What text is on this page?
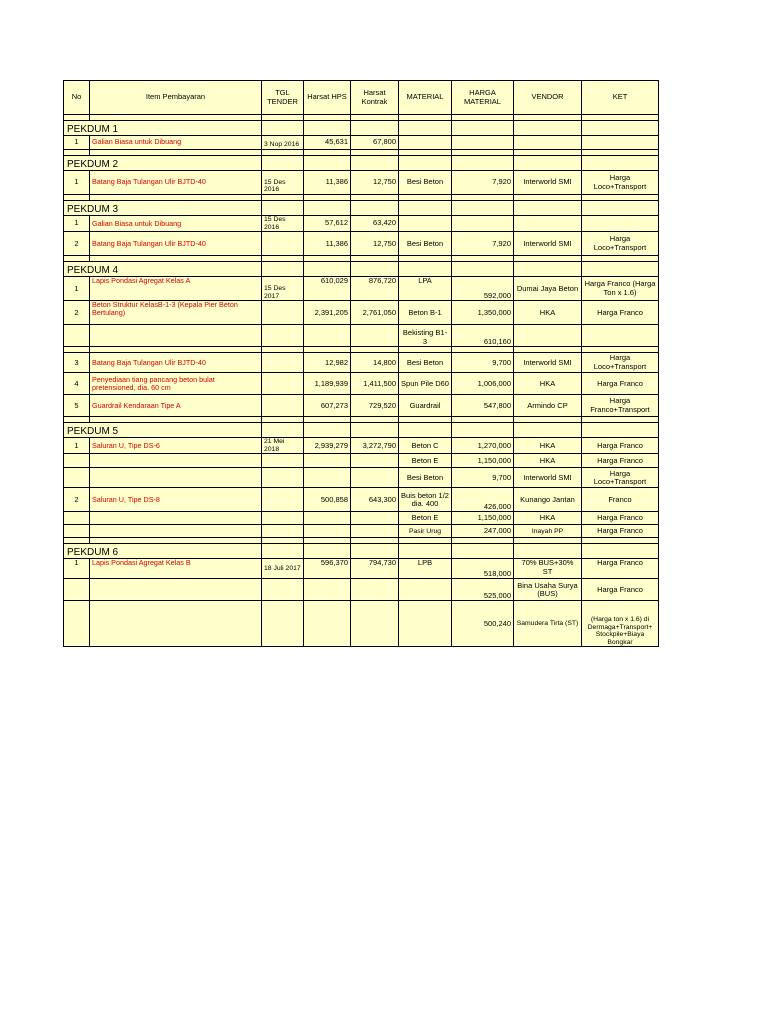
No	Item Pembayaran	TGL TENDER	Harsat HPS	Harsat Kontrak	MATERIAL	HARGA MATERIAL	VENDOR	KET

PEKDUM 1								
1	Galian Biasa untuk Dibuang	3 Nop 2016	45,631	67,800				

PEKDUM 2								
1	Batang Baja Tulangan Ulir BJTD-40	15 Des 2016	11,386	12,750	Besi Beton	7,920	Interworld SMI	Harga Loco+Transport

PEKDUM 3								
1	Galian Biasa untuk Dibuang	15 Des 2016	57,612	63,420				
2	Batang Baja Tulangan Ulir BJTD-40		11,386	12,750	Besi Beton	7,920	Interworld SMI	Harga Loco+Transport

PEKDUM 4								
1	Lapis Pondasi Agregat Kelas A	15 Des 2017	610,029	876,720	LPA	592,000	Dumai Jaya Beton	Harga Franco (Harga Ton x 1.6)
2	Beton Struktur KelasB-1-3 (Kepala Pier Beton Bertulang)		2,391,205	2,761,050	Beton B-1	1,350,000	HKA	Harga Franco
					Bekisting B1-3	610,160		

3	Batang Baja Tulangan Ulir BJTD-40		12,982	14,800	Besi Beton	9,700	Interworld SMI	Harga Loco+Transport
4	Penyediaan tiang pancang beton bulat pretensioned, dia. 60 cm		1,189,939	1,411,500	Spun Pile D60	1,006,000	HKA	Harga Franco
5	Guardrail Kendaraan Tipe A		607,273	729,520	Guardrail	547,800	Armindo CP	Harga Franco+Transport

PEKDUM 5								
1	Saluran U, Tipe DS-6	21 Mei 2018	2,939,279	3,272,790	Beton C	1,270,000	HKA	Harga Franco
					Beton E	1,150,000	HKA	Harga Franco
					Besi Beton	9,700	Interworld SMI	Harga Loco+Transport
2	Saluran U, Tipe DS-8		500,858	643,300	Buis beton 1/2 dia. 400	426,000	Kunango Jantan	Franco
					Beton E	1,150,000	HKA	Harga Franco
					Pasir Urug	247,000	Inayah PP	Harga Franco

PEKDUM 6								
1	Lapis Pondasi Agregat Kelas B	18 Juli 2017	596,370	794,730	LPB	518,000	70% BUS+30% ST	Harga Franco
						525,000	Bina Usaha Surya (BUS)	Harga Franco
						500,240	Samudera Tirta (ST)	(Harga ton x 1.6) di Dermaga+Transport+ Stockpile+Biaya Bongkar
